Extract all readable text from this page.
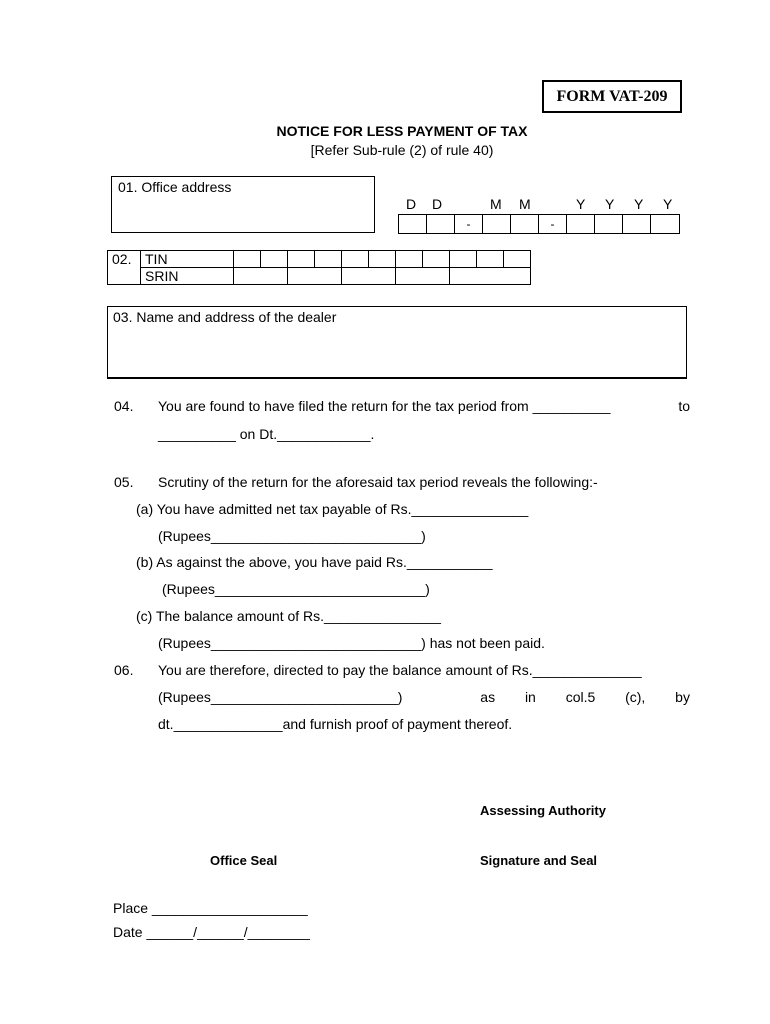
FORM VAT-209
NOTICE FOR LESS PAYMENT OF TAX
[Refer Sub-rule (2) of rule 40)
01. Office address
D D	M M	Y Y Y Y
-	-
02.	TIN											
	SRIN											
03. Name and address of the dealer
04. You are found to have filed the return for the tax period from __________	to
__________ on Dt.____________.
05. Scrutiny of the return for the aforesaid tax period reveals the following:-
(a) You have admitted net tax payable of Rs._______________
(Rupees___________________________)
(b) As against the above, you have paid Rs.___________
(Rupees___________________________)
(c) The balance amount of Rs._______________
(Rupees___________________________) has not been paid.
06. You are therefore, directed to pay the balance amount of Rs.______________
(Rupees________________________)	as in col.5 (c), by
dt.______________and furnish proof of payment thereof.
Assessing Authority
Office Seal	Signature and Seal
Place ____________________
Date ______/______/________
